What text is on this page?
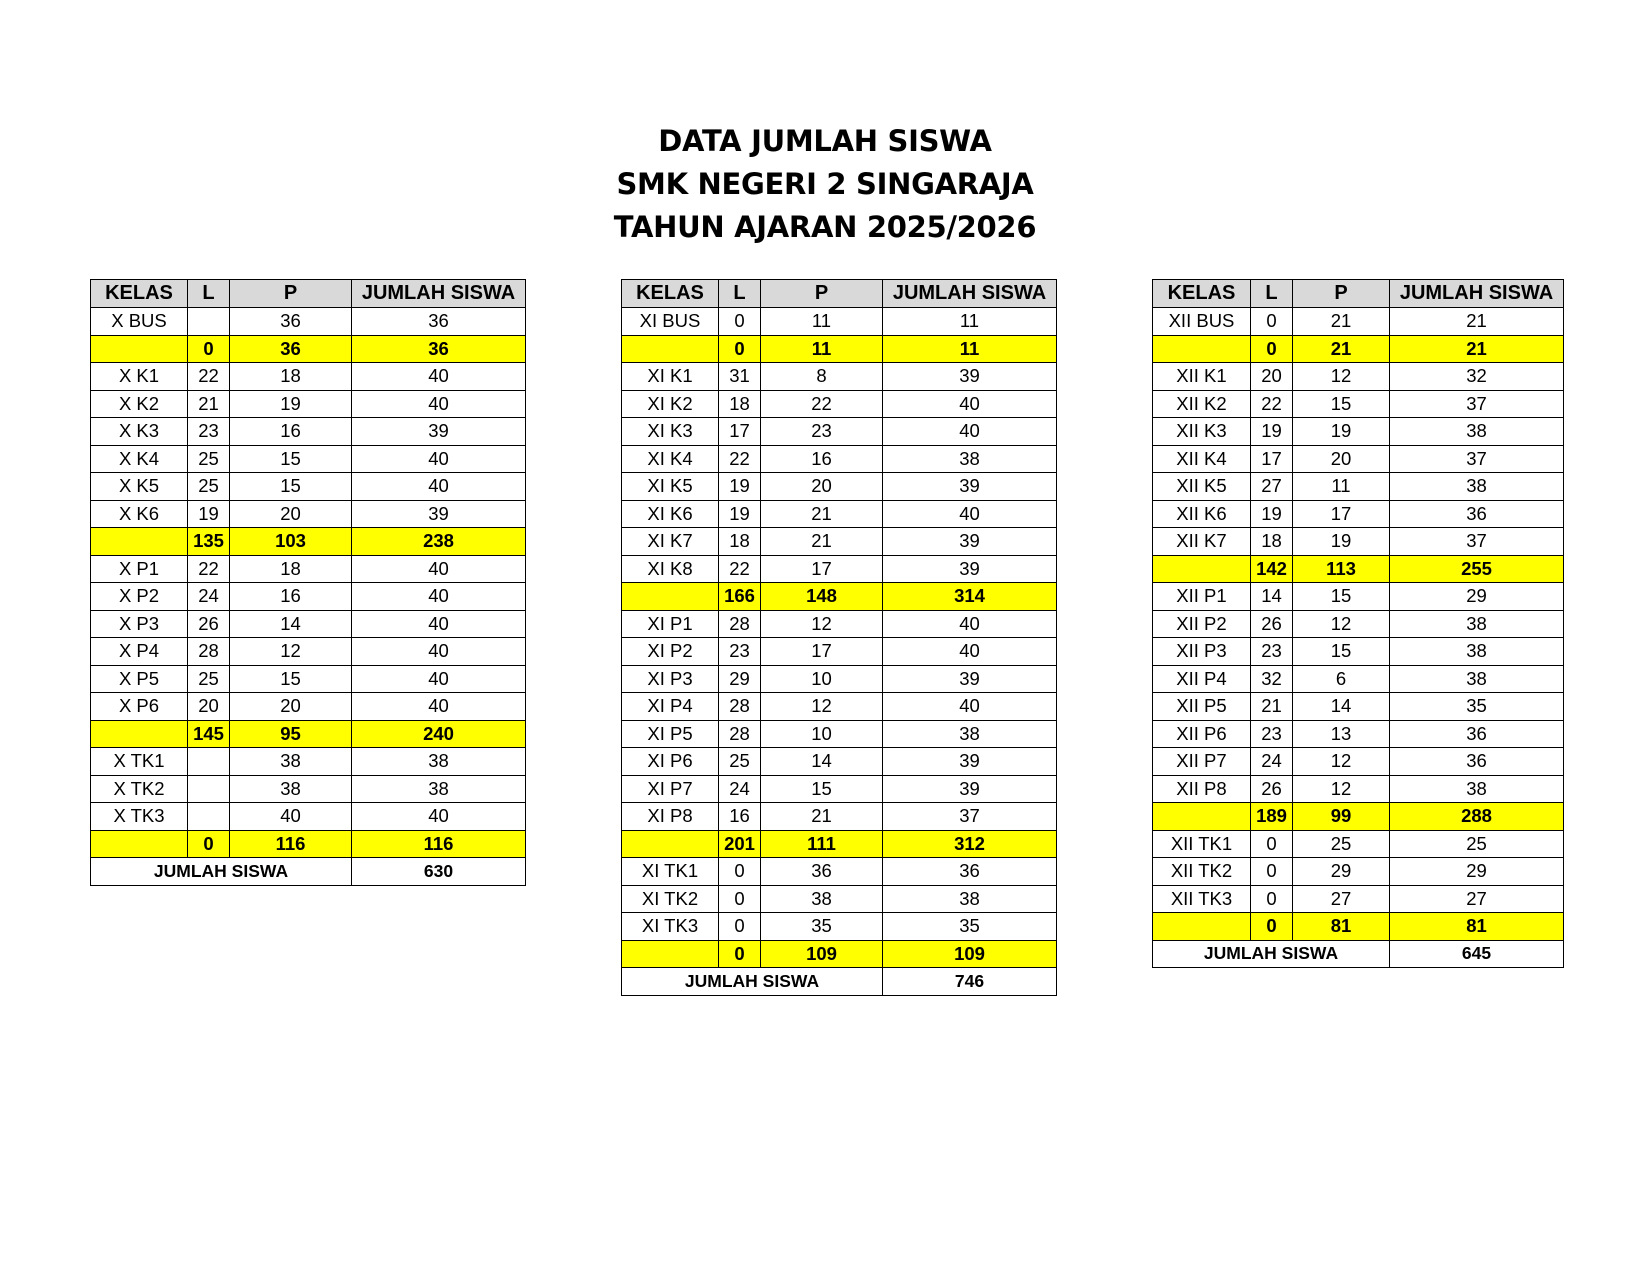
DATA JUMLAH SISWA
SMK NEGERI 2 SINGARAJA
TAHUN AJARAN 2025/2026
KELAS	L	P	JUMLAH SISWA
X BUS		36	36
	0	36	36
X K1	22	18	40
X K2	21	19	40
X K3	23	16	39
X K4	25	15	40
X K5	25	15	40
X K6	19	20	39
	135	103	238
X P1	22	18	40
X P2	24	16	40
X P3	26	14	40
X P4	28	12	40
X P5	25	15	40
X P6	20	20	40
	145	95	240
X TK1		38	38
X TK2		38	38
X TK3		40	40
	0	116	116
JUMLAH SISWA			630
KELAS	L	P	JUMLAH SISWA
XI BUS	0	11	11
	0	11	11
XI K1	31	8	39
XI K2	18	22	40
XI K3	17	23	40
XI K4	22	16	38
XI K5	19	20	39
XI K6	19	21	40
XI K7	18	21	39
XI K8	22	17	39
	166	148	314
XI P1	28	12	40
XI P2	23	17	40
XI P3	29	10	39
XI P4	28	12	40
XI P5	28	10	38
XI P6	25	14	39
XI P7	24	15	39
XI P8	16	21	37
	201	111	312
XI TK1	0	36	36
XI TK2	0	38	38
XI TK3	0	35	35
	0	109	109
JUMLAH SISWA			746
KELAS	L	P	JUMLAH SISWA
XII BUS	0	21	21
	0	21	21
XII K1	20	12	32
XII K2	22	15	37
XII K3	19	19	38
XII K4	17	20	37
XII K5	27	11	38
XII K6	19	17	36
XII K7	18	19	37
	142	113	255
XII P1	14	15	29
XII P2	26	12	38
XII P3	23	15	38
XII P4	32	6	38
XII P5	21	14	35
XII P6	23	13	36
XII P7	24	12	36
XII P8	26	12	38
	189	99	288
XII TK1	0	25	25
XII TK2	0	29	29
XII TK3	0	27	27
	0	81	81
JUMLAH SISWA			645
